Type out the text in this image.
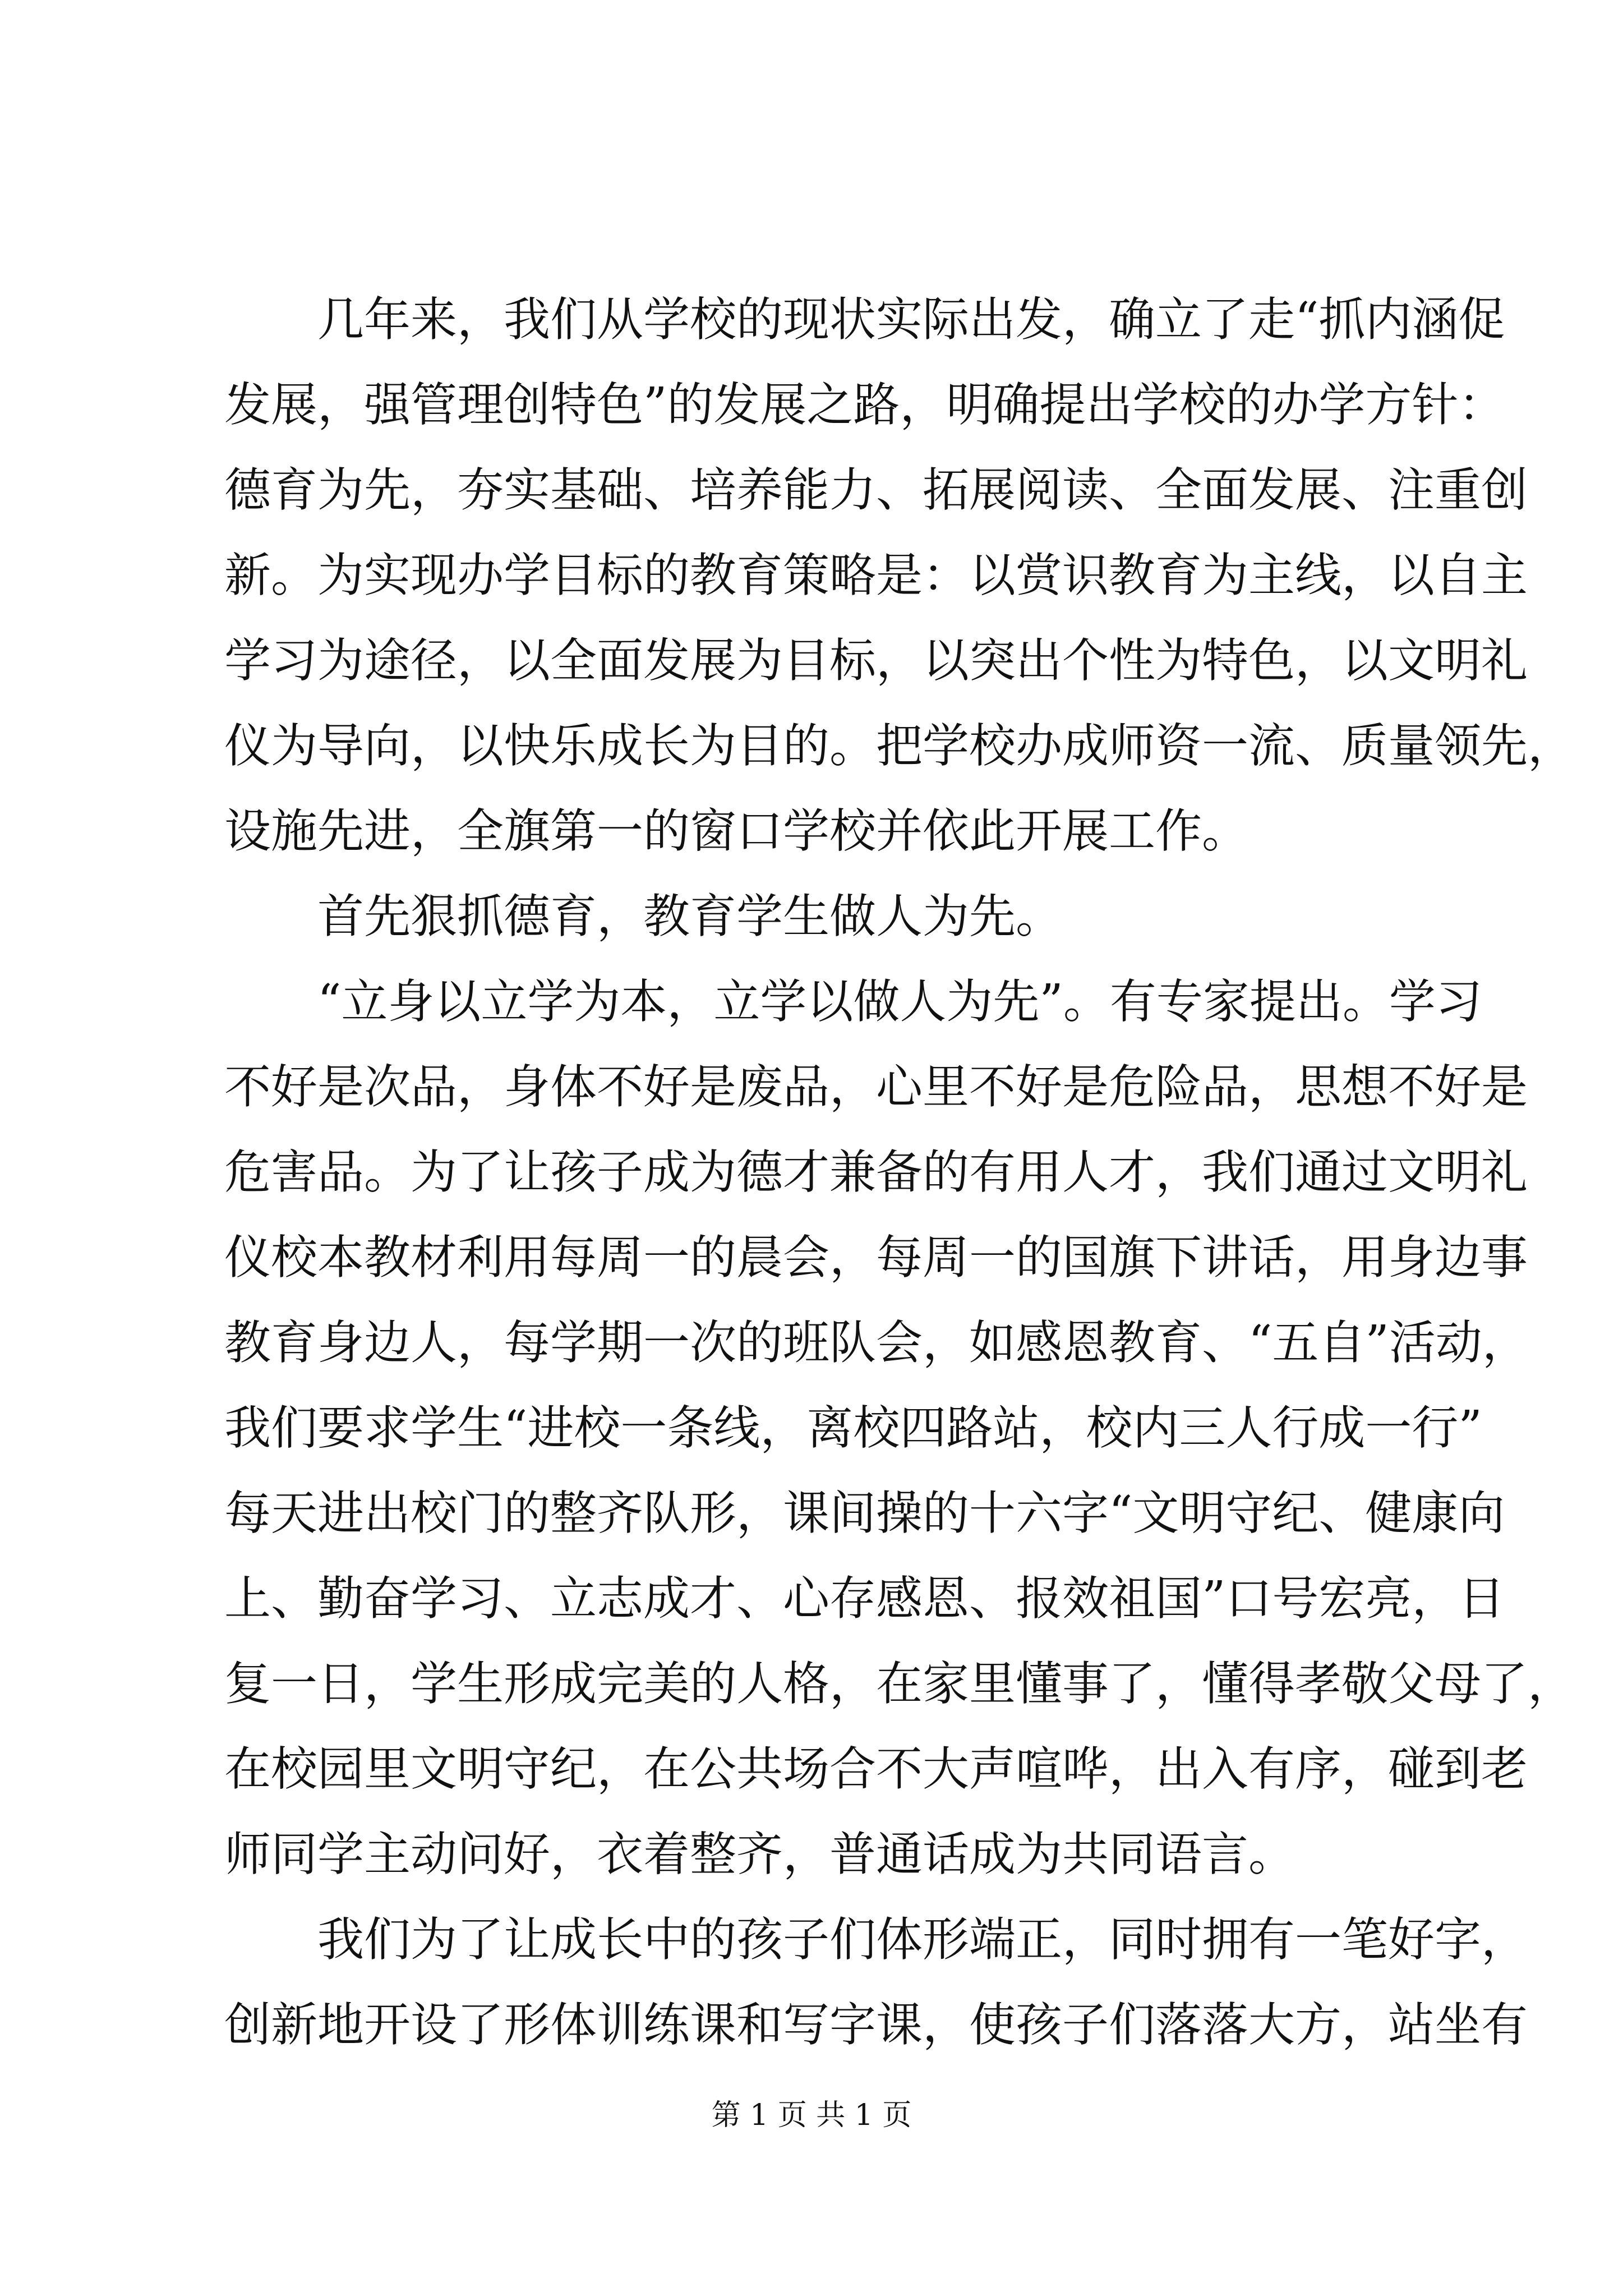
　　几年来，我们从学校的现状实际出发，确立了走“抓内涵促
发展，强管理创特色”的发展之路，明确提出学校的办学方针：
德育为先，夯实基础、培养能力、拓展阅读、全面发展、注重创
新。为实现办学目标的教育策略是：以赏识教育为主线，以自主
学习为途径，以全面发展为目标，以突出个性为特色，以文明礼
仪为导向，以快乐成长为目的。把学校办成师资一流、质量领先，
设施先进，全旗第一的窗口学校并依此开展工作。
　　首先狠抓德育，教育学生做人为先。
　　“立身以立学为本，立学以做人为先”。有专家提出。学习
不好是次品，身体不好是废品，心里不好是危险品，思想不好是
危害品。为了让孩子成为德才兼备的有用人才，我们通过文明礼
仪校本教材利用每周一的晨会，每周一的国旗下讲话，用身边事
教育身边人，每学期一次的班队会，如感恩教育、“五自”活动，
我们要求学生“进校一条线，离校四路站，校内三人行成一行”
每天进出校门的整齐队形，课间操的十六字“文明守纪、健康向
上、勤奋学习、立志成才、心存感恩、报效祖国”口号宏亮，日
复一日，学生形成完美的人格，在家里懂事了，懂得孝敬父母了，
在校园里文明守纪，在公共场合不大声喧哗，出入有序，碰到老
师同学主动问好，衣着整齐，普通话成为共同语言。
　　我们为了让成长中的孩子们体形端正，同时拥有一笔好字，
创新地开设了形体训练课和写字课，使孩子们落落大方，站坐有
第 1 页 共 1 页
